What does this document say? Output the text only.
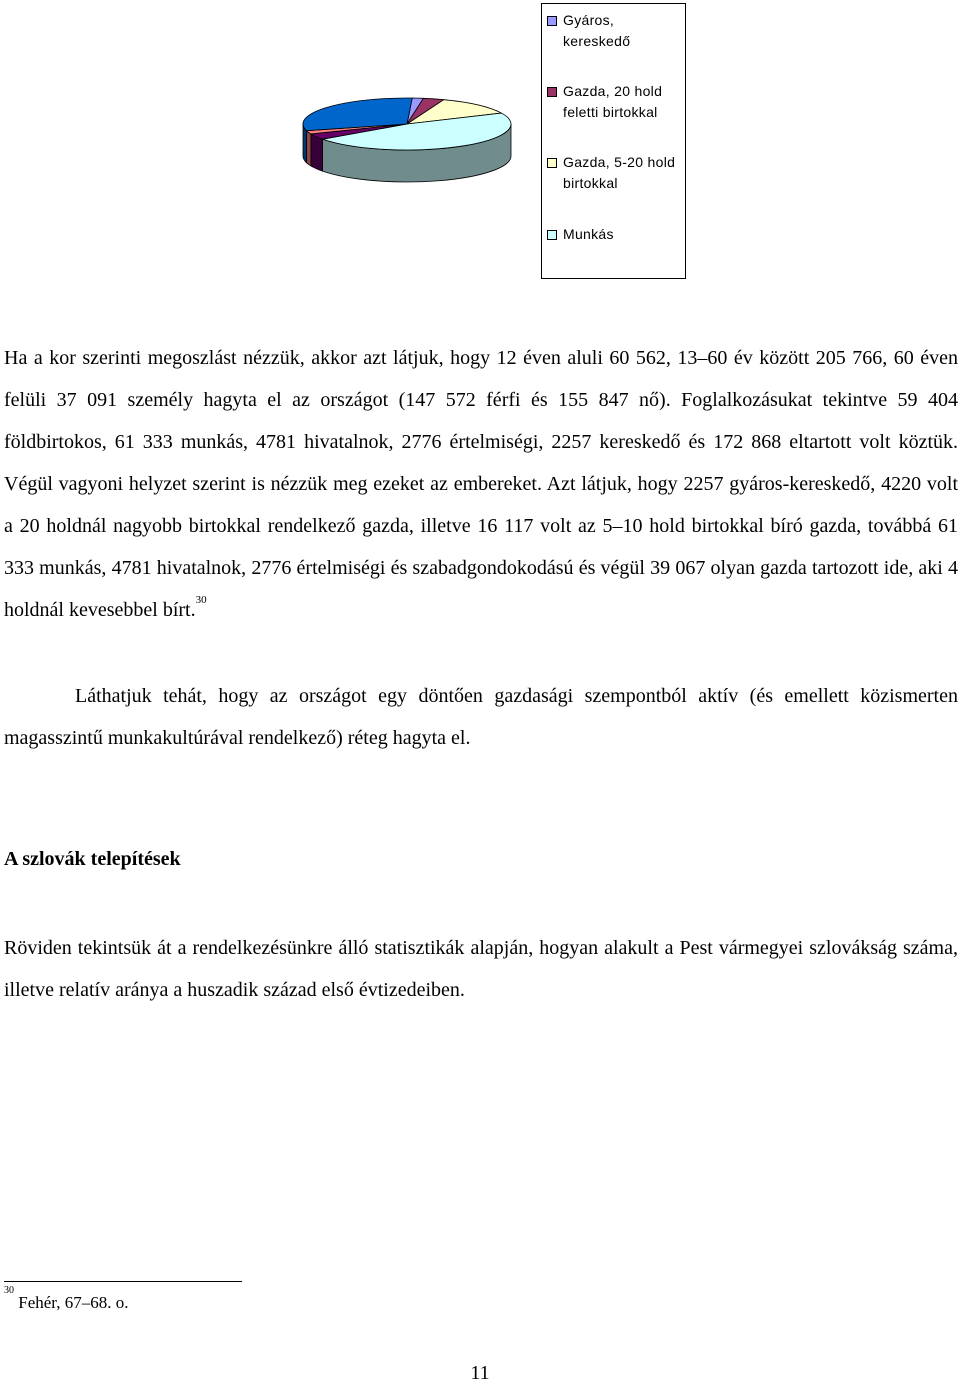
Gyáros, kereskedő
Gazda, 20 hold feletti birtokkal
Gazda, 5-20 hold birtokkal
Munkás

Ha a kor szerinti megoszlást nézzük, akkor azt látjuk, hogy 12 éven aluli 60 562, 13–60 év között 205 766, 60 éven felüli 37 091 személy hagyta el az országot (147 572 férfi és 155 847 nő). Foglalkozásukat tekintve 59 404 földbirtokos, 61 333 munkás, 4781 hivatalnok, 2776 értelmiségi, 2257 kereskedő és 172 868 eltartott volt köztük. Végül vagyoni helyzet szerint is nézzük meg ezeket az embereket. Azt látjuk, hogy 2257 gyáros-kereskedő, 4220 volt a 20 holdnál nagyobb birtokkal rendelkező gazda, illetve 16 117 volt az 5–10 hold birtokkal bíró gazda, továbbá 61 333 munkás, 4781 hivatalnok, 2776 értelmiségi és szabadgondokodású és végül 39 067 olyan gazda tartozott ide, aki 4 holdnál kevesebbel bírt.$^{30}$

Láthatjuk tehát, hogy az országot egy döntően gazdasági szempontból aktív (és emellett közismerten magasszintű munkakultúrával rendelkező) réteg hagyta el.

A szlovák telepítések

Röviden tekintsük át a rendelkezésünkre álló statisztikák alapján, hogyan alakult a Pest vármegyei szlovákság száma, illetve relatív aránya a huszadik század első évtizedeiben.

$^{30}$ Fehér, 67–68. o.

11
